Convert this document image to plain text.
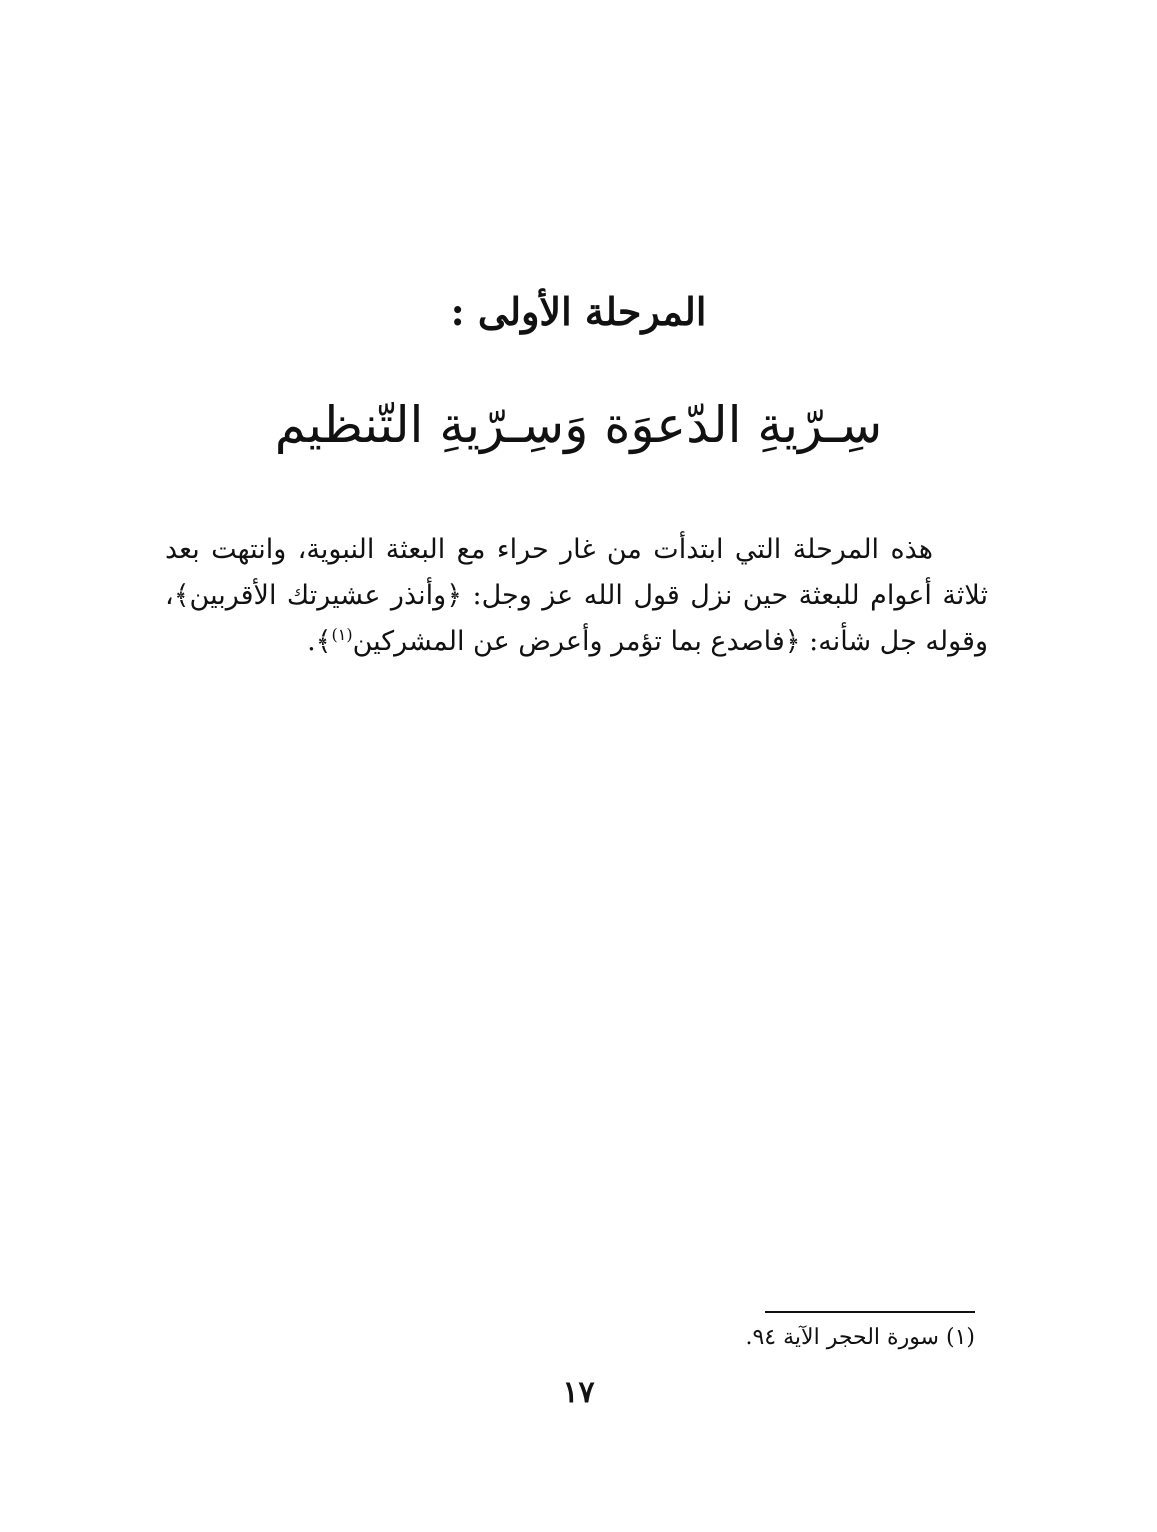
المرحلة الأولى :
سِـرّيةِ الدّعوَة وَسِـرّيةِ التّنظيم

هذه المرحلة التي ابتدأت من غار حراء مع البعثة النبوية، وانتهت بعد ثلاثة أعوام للبعثة حين نزل قول الله عز وجل: ﴿وأنذر عشيرتك الأقربين﴾، وقوله جل شأنه: ﴿فاصدع بما تؤمر وأعرض عن المشركين$^{(١)}$﴾.

(١) سورة الحجر الآية ٩٤.
١٧
